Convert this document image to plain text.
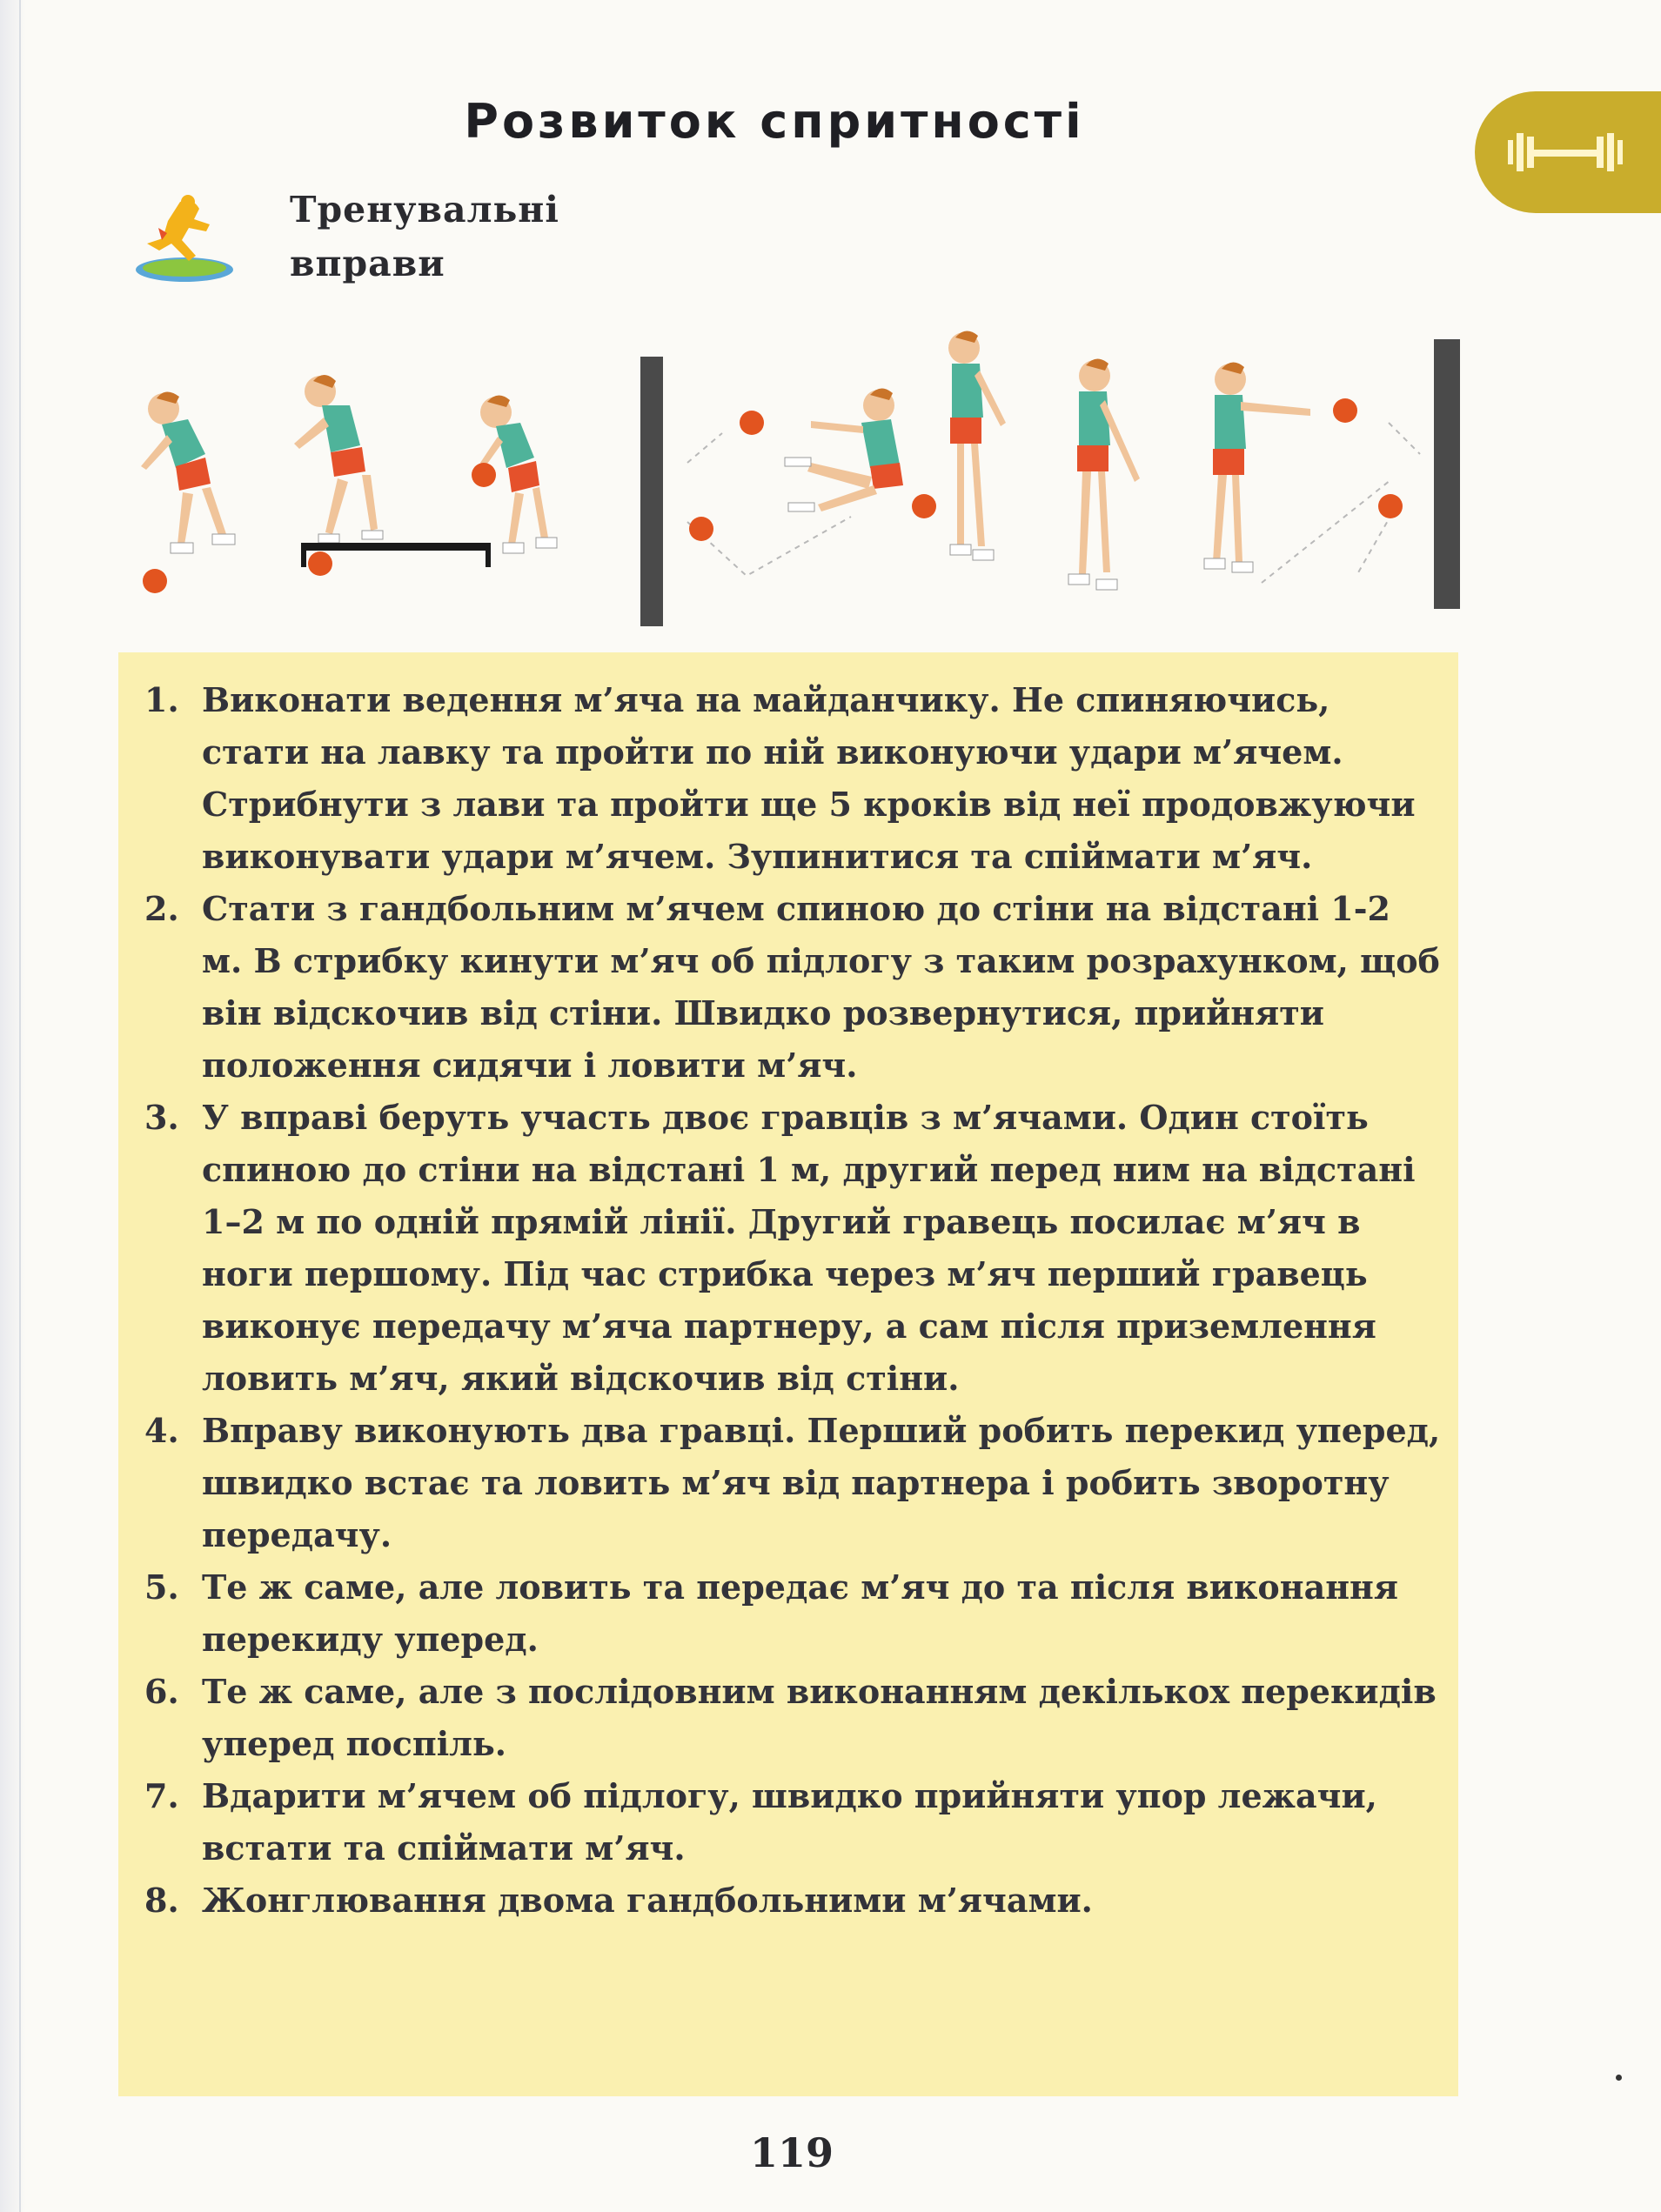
Розвиток спритності
Тренувальні
вправи
1. Виконати ведення м’яча на майданчику. Не спиняючись, стати на лавку та пройти по ній виконуючи удари м’ячем. Стрибнути з лави та пройти ще 5 кроків від неї продовжуючи виконувати удари м’ячем. Зупинитися та спіймати м’яч.
2. Стати з гандбольним м’ячем спиною до стіни на відстані 1-2 м. В стрибку кинути м’яч об підлогу з таким розрахунком, щоб він відскочив від стіни. Швидко розвернутися, прийняти положення сидячи і ловити м’яч.
3. У вправі беруть участь двоє гравців з м’ячами. Один стоїть спиною до стіни на відстані 1 м, другий перед ним на відстані 1–2 м по одній прямій лінії. Другий гравець посилає м’яч в ноги першому. Під час стрибка через м’яч перший гравець виконує передачу м’яча партнеру, а сам після приземлення ловить м’яч, який відскочив від стіни.
4. Вправу виконують два гравці. Перший робить перекид уперед, швидко встає та ловить м’яч від партнера і робить зворотну передачу.
5. Те ж саме, але ловить та передає м’яч до та після виконання перекиду уперед.
6. Те ж саме, але з послідовним виконанням декількох перекидів уперед поспіль.
7. Вдарити м’ячем об підлогу, швидко прийняти упор лежачи, встати та спіймати м’яч.
8. Жонглювання двома гандбольними м’ячами.
119
